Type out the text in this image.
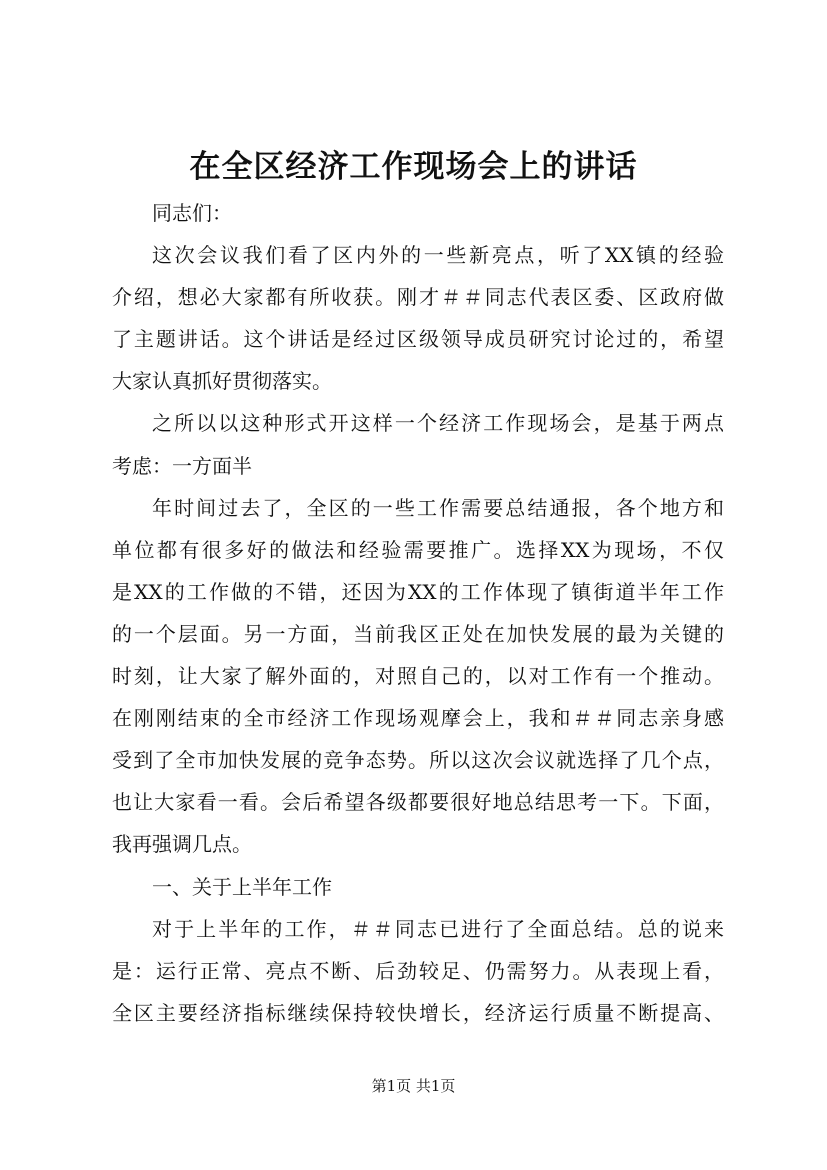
在全区经济工作现场会上的讲话
同志们：
这次会议我们看了区内外的一些新亮点，听了XX镇的经验
介绍，想必大家都有所收获。刚才＃＃同志代表区委、区政府做
了主题讲话。这个讲话是经过区级领导成员研究讨论过的，希望
大家认真抓好贯彻落实。
之所以以这种形式开这样一个经济工作现场会，是基于两点
考虑：一方面半
年时间过去了，全区的一些工作需要总结通报，各个地方和
单位都有很多好的做法和经验需要推广。选择XX为现场，不仅
是XX的工作做的不错，还因为XX的工作体现了镇街道半年工作
的一个层面。另一方面，当前我区正处在加快发展的最为关键的
时刻，让大家了解外面的，对照自己的，以对工作有一个推动。
在刚刚结束的全市经济工作现场观摩会上，我和＃＃同志亲身感
受到了全市加快发展的竞争态势。所以这次会议就选择了几个点，
也让大家看一看。会后希望各级都要很好地总结思考一下。下面，
我再强调几点。
一、关于上半年工作
对于上半年的工作，＃＃同志已进行了全面总结。总的说来
是：运行正常、亮点不断、后劲较足、仍需努力。从表现上看，
全区主要经济指标继续保持较快增长，经济运行质量不断提高、
第1页 共1页
